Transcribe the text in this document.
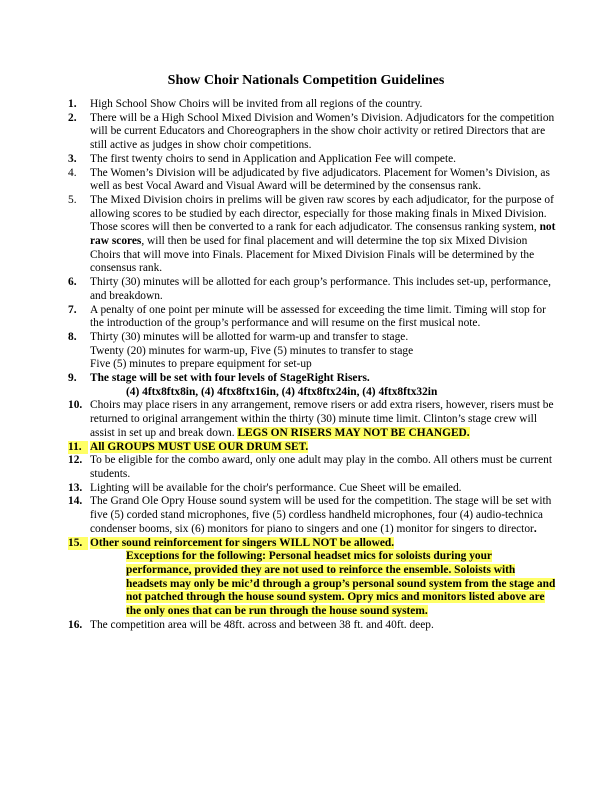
Show Choir Nationals Competition Guidelines
1.	High School Show Choirs will be invited from all regions of the country.
2.	There will be a High School Mixed Division and Women’s Division. Adjudicators for the competition will be current Educators and Choreographers in the show choir activity or retired Directors that are still active as judges in show choir competitions.
3.	The first twenty choirs to send in Application and Application Fee will compete.
4.	The Women’s Division will be adjudicated by five adjudicators. Placement for Women’s Division, as well as best Vocal Award and Visual Award will be determined by the consensus rank.
5.	The Mixed Division choirs in prelims will be given raw scores by each adjudicator, for the purpose of allowing scores to be studied by each director, especially for those making finals in Mixed Division. Those scores will then be converted to a rank for each adjudicator. The consensus ranking system, not raw scores, will then be used for final placement and will determine the top six Mixed Division Choirs that will move into Finals. Placement for Mixed Division Finals will be determined by the consensus rank.
6.	Thirty (30) minutes will be allotted for each group’s performance. This includes set-up, performance, and breakdown.
7.	A penalty of one point per minute will be assessed for exceeding the time limit. Timing will stop for the introduction of the group’s performance and will resume on the first musical note.
8.	Thirty (30) minutes will be allotted for warm-up and transfer to stage.
Twenty (20) minutes for warm-up, Five (5) minutes to transfer to stage
Five (5) minutes to prepare equipment for set-up
9.	The stage will be set with four levels of StageRight Risers.
(4) 4ftx8ftx8in, (4) 4ftx8ftx16in, (4) 4ftx8ftx24in, (4) 4ftx8ftx32in
10. Choirs may place risers in any arrangement, remove risers or add extra risers, however, risers must be returned to original arrangement within the thirty (30) minute time limit. Clinton’s stage crew will assist in set up and break down. LEGS ON RISERS MAY NOT BE CHANGED.
11. All GROUPS MUST USE OUR DRUM SET.
12. To be eligible for the combo award, only one adult may play in the combo. All others must be current students.
13. Lighting will be available for the choir's performance. Cue Sheet will be emailed.
14. The Grand Ole Opry House sound system will be used for the competition. The stage will be set with five (5) corded stand microphones, five (5) cordless handheld microphones, four (4) audio-technica condenser booms, six (6) monitors for piano to singers and one (1) monitor for singers to director.
15. Other sound reinforcement for singers WILL NOT be allowed.
Exceptions for the following: Personal headset mics for soloists during your performance, provided they are not used to reinforce the ensemble. Soloists with headsets may only be mic’d through a group’s personal sound system from the stage and not patched through the house sound system. Opry mics and monitors listed above are the only ones that can be run through the house sound system.
16. The competition area will be 48ft. across and between 38 ft. and 40ft. deep.
